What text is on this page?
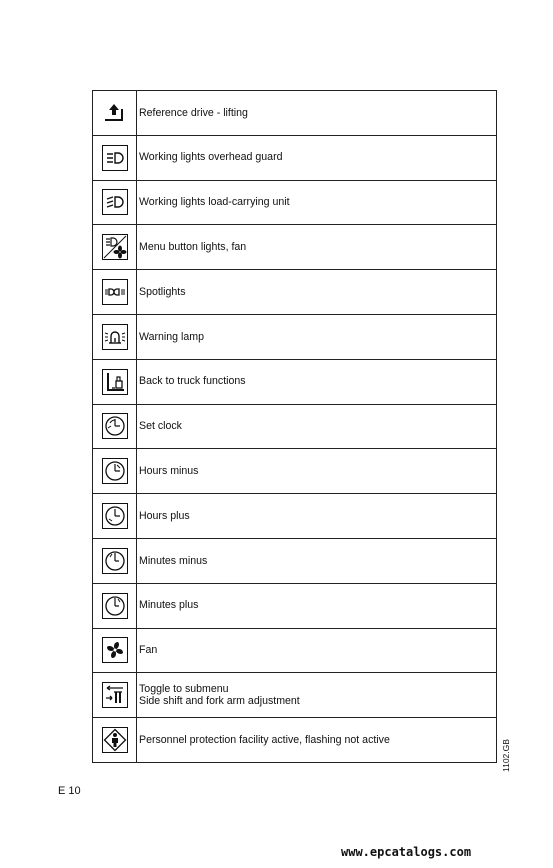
Reference drive - lifting

Working lights overhead guard

Working lights load-carrying unit

Menu button lights, fan

Spotlights

Warning lamp

Back to truck functions

Set clock

Hours minus

Hours plus

Minutes minus

Minutes plus

Fan

Toggle to submenu
Side shift and fork arm adjustment

Personnel protection facility active, flashing not active
E 10
1102.GB
www.epcatalogs.com
